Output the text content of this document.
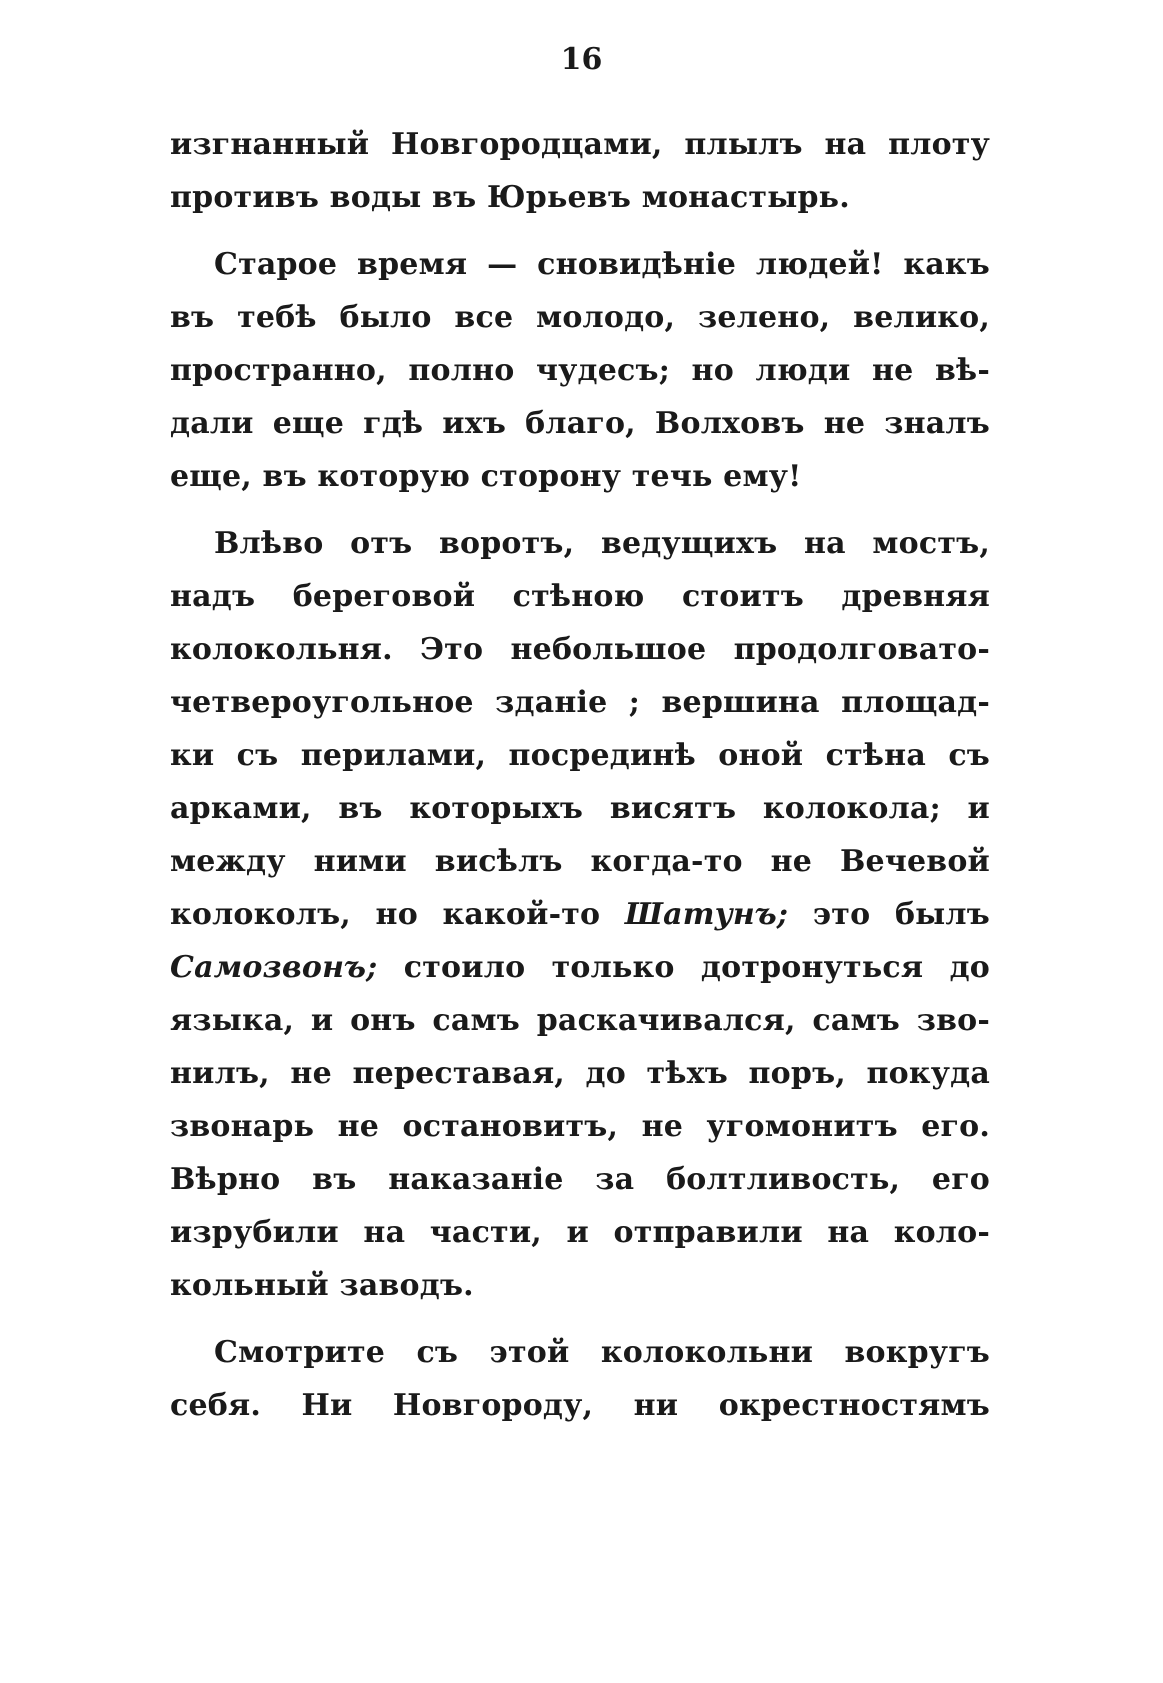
16

изгнанный Новгородцами, плылъ на плоту
противъ воды въ Юрьевъ монастырь.
Старое время — сновидѣніе людей! какъ
въ тебѣ было все молодо, зелено, велико,
пространно, полно чудесъ; но люди не вѣ-
дали еще гдѣ ихъ благо, Волховъ не зналъ
еще, въ которую сторону течь ему!
Влѣво отъ воротъ, ведущихъ на мостъ,
надъ береговой стѣною стоитъ древняя
колокольня. Это небольшое продолговато-
четвероугольное зданіе ; вершина площад-
ки съ перилами, посрединѣ оной стѣна съ
арками, въ которыхъ висятъ колокола; и
между ними висѣлъ когда-то не Вечевой
колоколъ, но какой-то Шатунъ; это былъ
Самозвонъ; стоило только дотронуться до
языка, и онъ самъ раскачивался, самъ зво-
нилъ, не переставая, до тѣхъ поръ, покуда
звонарь не остановитъ, не угомонитъ его.
Вѣрно въ наказаніе за болтливость, его
изрубили на части, и отправили на коло-
кольный заводъ.
Смотрите съ этой колокольни вокругъ
себя. Ни Новгороду, ни окрестностямъ
